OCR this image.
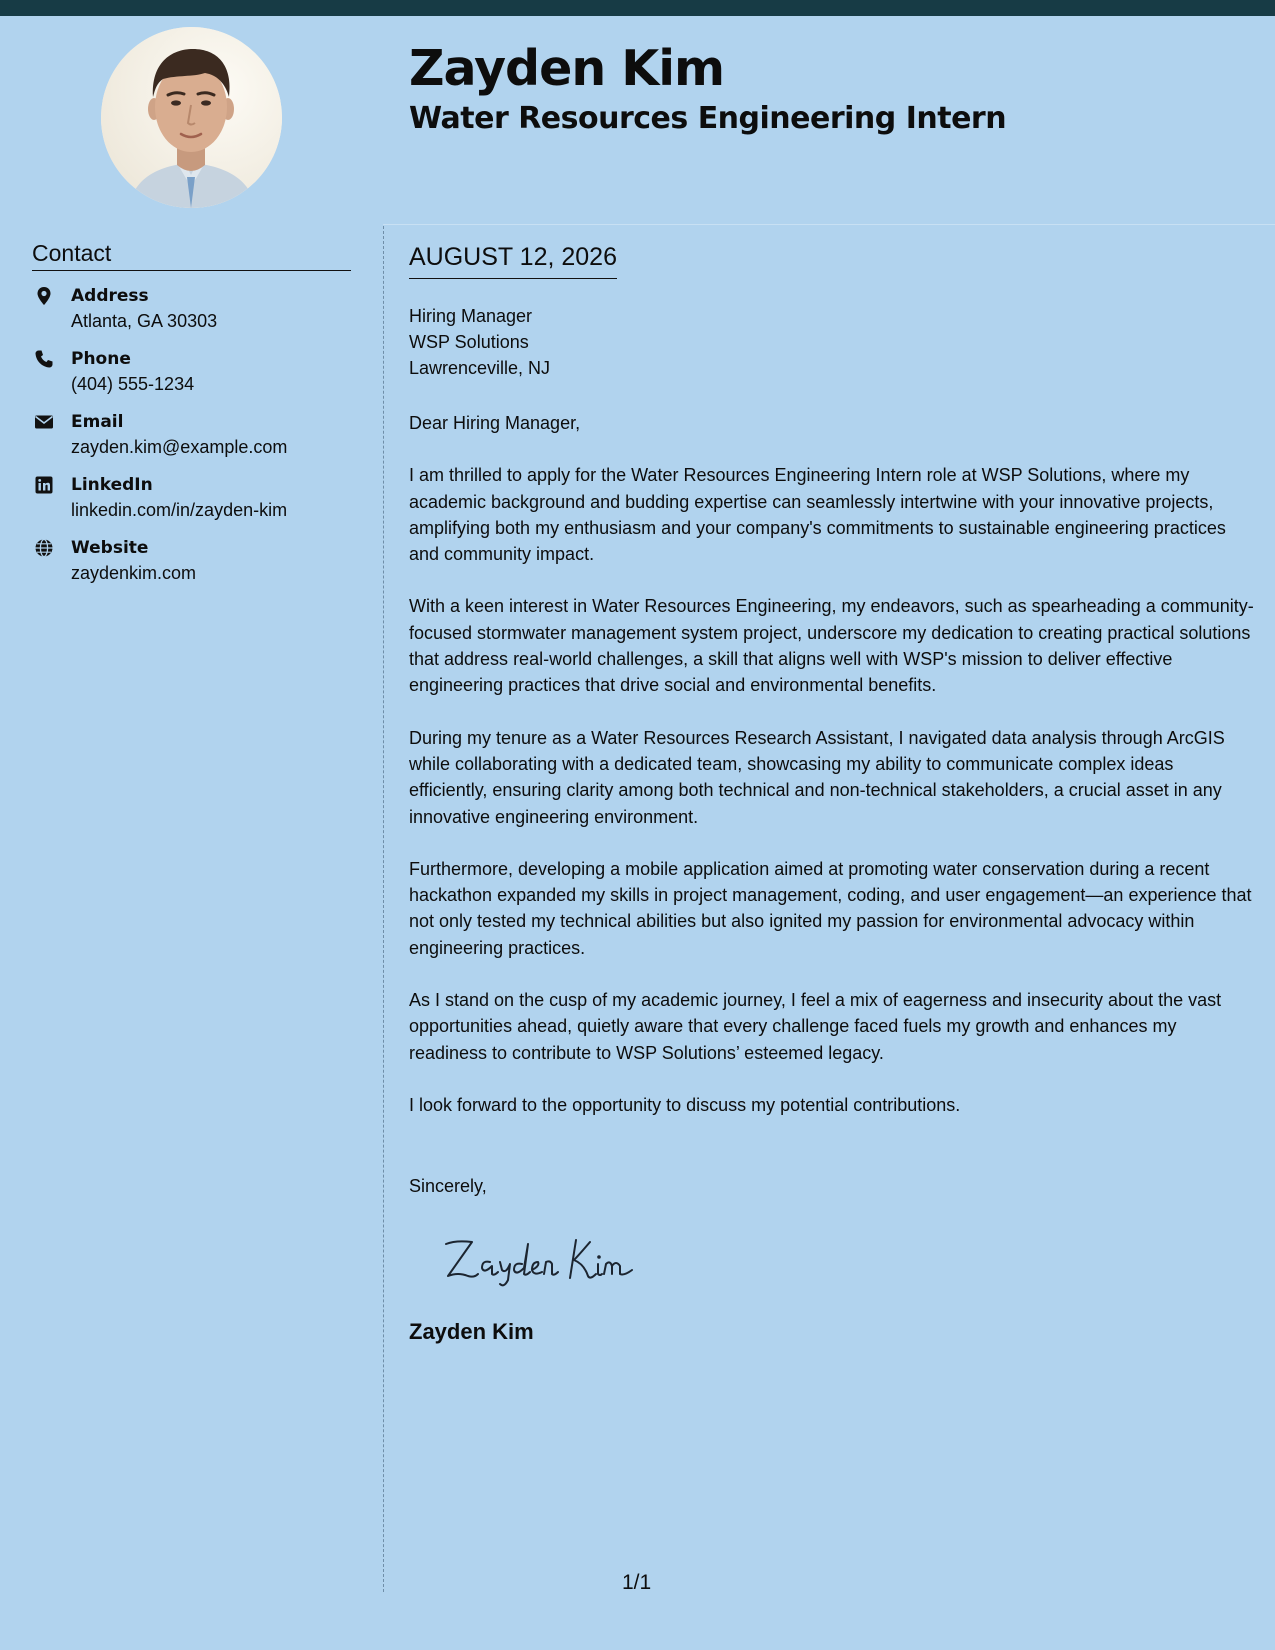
Zayden Kim
Water Resources Engineering Intern
Contact
Address
Atlanta, GA 30303
Phone
(404) 555-1234
Email
zayden.kim@example.com
LinkedIn
linkedin.com/in/zayden-kim
Website
zaydenkim.com
AUGUST 12, 2026
Hiring Manager
WSP Solutions
Lawrenceville, NJ

Dear Hiring Manager,

I am thrilled to apply for the Water Resources Engineering Intern role at WSP Solutions, where my academic background and budding expertise can seamlessly intertwine with your innovative projects, amplifying both my enthusiasm and your company's commitments to sustainable engineering practices and community impact.

With a keen interest in Water Resources Engineering, my endeavors, such as spearheading a community-focused stormwater management system project, underscore my dedication to creating practical solutions that address real-world challenges, a skill that aligns well with WSP's mission to deliver effective engineering practices that drive social and environmental benefits.

During my tenure as a Water Resources Research Assistant, I navigated data analysis through ArcGIS while collaborating with a dedicated team, showcasing my ability to communicate complex ideas efficiently, ensuring clarity among both technical and non-technical stakeholders, a crucial asset in any innovative engineering environment.

Furthermore, developing a mobile application aimed at promoting water conservation during a recent hackathon expanded my skills in project management, coding, and user engagement—an experience that not only tested my technical abilities but also ignited my passion for environmental advocacy within engineering practices.

As I stand on the cusp of my academic journey, I feel a mix of eagerness and insecurity about the vast opportunities ahead, quietly aware that every challenge faced fuels my growth and enhances my readiness to contribute to WSP Solutions’ esteemed legacy.

I look forward to the opportunity to discuss my potential contributions.

Sincerely,
Zayden Kim
1/1
